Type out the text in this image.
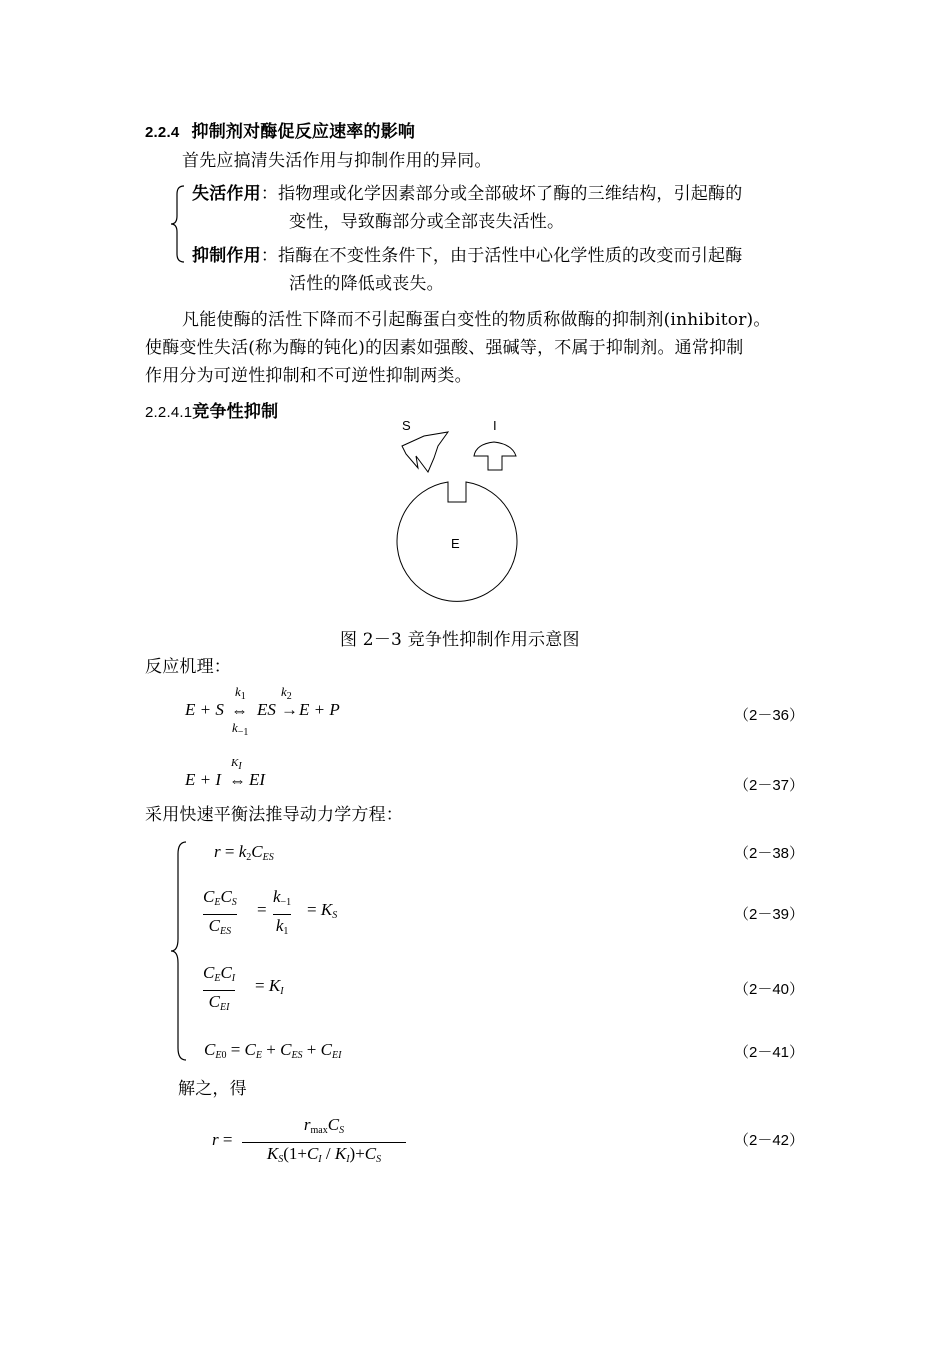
2.2.4 抑制剂对酶促反应速率的影响
首先应搞清失活作用与抑制作用的异同。
失活作用：指物理或化学因素部分或全部破坏了酶的三维结构，引起酶的
变性，导致酶部分或全部丧失活性。
抑制作用：指酶在不变性条件下，由于活性中心化学性质的改变而引起酶
活性的降低或丧失。
凡能使酶的活性下降而不引起酶蛋白变性的物质称做酶的抑制剂(inhibitor)。
使酶变性失活(称为酶的钝化)的因素如强酸、强碱等，不属于抑制剂。通常抑制
作用分为可逆性抑制和不可逆性抑制两类。
2.2.4.1竞争性抑制
S	I
E
图 2－3 竞争性抑制作用示意图
反应机理：
E + S ⇔
$k_1$
$k_{-1}$
ES
$k_2$
→ E + P	（2－36）
E + I
$K_I$
⇔ EI	（2－37）
采用快速平衡法推导动力学方程：
$r = k_2C_{ES}$	（2－38）
$C_EC_S$
$C_{ES}$
=
$k_{-1}$
$k_1$
= $K_S$	（2－39）
$C_EC_I$
$C_{EI}$
= $K_I$	（2－40）
$C_{E0} = C_E + C_{ES} + C_{EI}$	（2－41）
解之，得
r =
$r_{max}C_S$
$K_S(1+C_I / K_I)+C_S$
（2－42）
